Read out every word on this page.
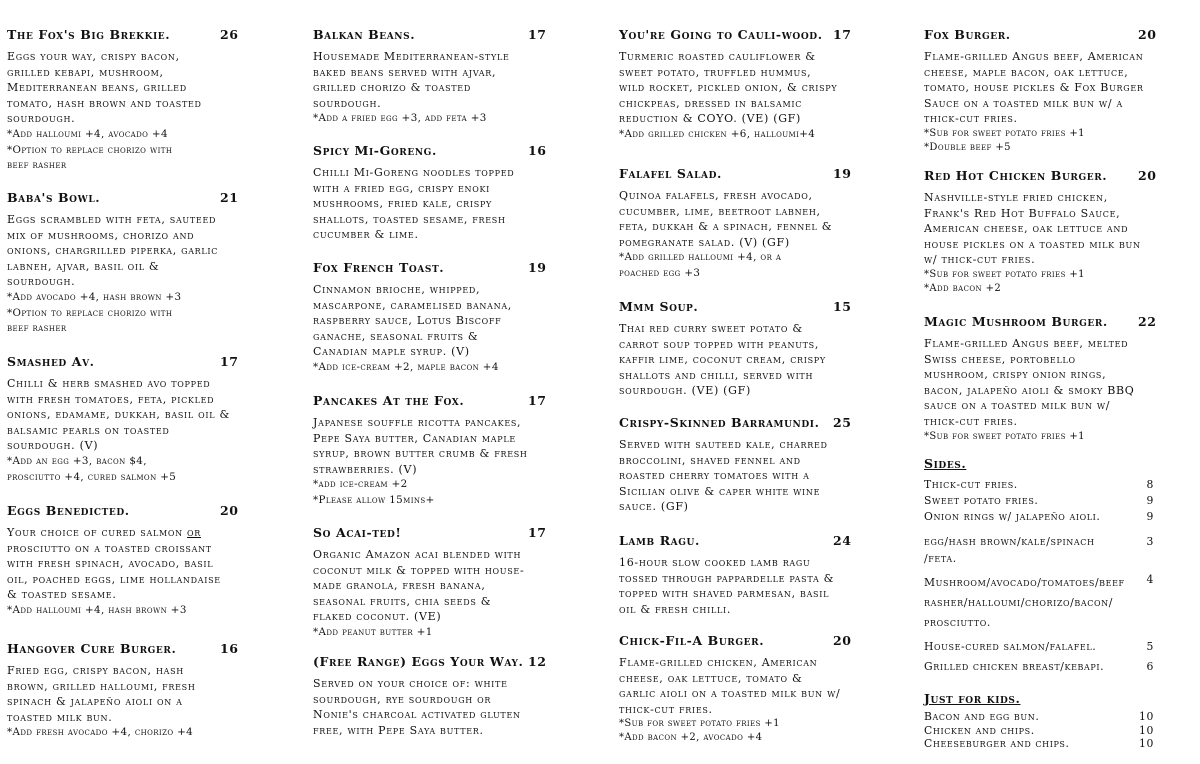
The Fox's Big Brekkie.	26
Eggs your way, crispy bacon,
grilled kebapi, mushroom,
Mediterranean beans, grilled
tomato, hash brown and toasted
sourdough.
*Add halloumi +4, avocado +4
*Option to replace chorizo with
beef rasher
Baba's Bowl.	21
Eggs scrambled with feta, sauteed
mix of mushrooms, chorizo and
onions, chargrilled piperka, garlic
labneh, ajvar, basil oil &
sourdough.
*Add avocado +4, hash brown +3
*Option to replace chorizo with
beef rasher
Smashed Av.	17
Chilli & herb smashed avo topped
with fresh tomatoes, feta, pickled
onions, edamame, dukkah, basil oil &
balsamic pearls on toasted
sourdough. (V)
*Add an egg +3, bacon $4,
prosciutto +4, cured salmon +5
Eggs Benedicted.	20
Your choice of cured salmon or
prosciutto on a toasted croissant
with fresh spinach, avocado, basil
oil, poached eggs, lime hollandaise
& toasted sesame.
*Add halloumi +4, hash brown +3
Hangover Cure Burger.	16
Fried egg, crispy bacon, hash
brown, grilled halloumi, fresh
spinach & jalapeño aioli on a
toasted milk bun.
*Add fresh avocado +4, chorizo +4
Balkan Beans.	17
Housemade Mediterranean-style
baked beans served with ajvar,
grilled chorizo & toasted
sourdough.
*Add a fried egg +3, add feta +3
Spicy Mi-Goreng.	16
Chilli Mi-Goreng noodles topped
with a fried egg, crispy enoki
mushrooms, fried kale, crispy
shallots, toasted sesame, fresh
cucumber & lime.
Fox French Toast.	19
Cinnamon brioche, whipped,
mascarpone, caramelised banana,
raspberry sauce, Lotus Biscoff
ganache, seasonal fruits &
Canadian maple syrup. (V)
*Add ice-cream +2, maple bacon +4
Pancakes At the Fox.	17
Japanese souffle ricotta pancakes,
Pepe Saya butter, Canadian maple
syrup, brown butter crumb & fresh
strawberries. (V)
*add ice-cream +2
*Please allow 15mins+
So Acai-ted!	17
Organic Amazon acai blended with
coconut milk & topped with house-
made granola, fresh banana,
seasonal fruits, chia seeds &
flaked coconut. (VE)
*Add peanut butter +1
(Free Range) Eggs Your Way. 12
Served on your choice of: white
sourdough, rye sourdough or
Nonie's charcoal activated gluten
free, with Pepe Saya butter.
You're Going to Cauli-wood. 17
Turmeric roasted cauliflower &
sweet potato, truffled hummus,
wild rocket, pickled onion, & crispy
chickpeas, dressed in balsamic
reduction & COYO. (VE) (GF)
*Add grilled chicken +6, halloumi+4
Falafel Salad.	19
Quinoa falafels, fresh avocado,
cucumber, lime, beetroot labneh,
feta, dukkah & a spinach, fennel &
pomegranate salad. (V) (GF)
*Add grilled halloumi +4, or a
poached egg +3
Mmm Soup.	15
Thai red curry sweet potato &
carrot soup topped with peanuts,
kaffir lime, coconut cream, crispy
shallots and chilli, served with
sourdough. (VE) (GF)
Crispy-Skinned Barramundi. 25
Served with sauteed kale, charred
broccolini, shaved fennel and
roasted cherry tomatoes with a
Sicilian olive & caper white wine
sauce. (GF)
Lamb Ragu.	24
16-hour slow cooked lamb ragu
tossed through pappardelle pasta &
topped with shaved parmesan, basil
oil & fresh chilli.
Chick-Fil-A Burger.	20
Flame-grilled chicken, American
cheese, oak lettuce, tomato &
garlic aioli on a toasted milk bun w/
thick-cut fries.
*Sub for sweet potato fries +1
*Add bacon +2, avocado +4
Fox Burger.	20
Flame-grilled Angus beef, American
cheese, maple bacon, oak lettuce,
tomato, house pickles & Fox Burger
Sauce on a toasted milk bun w/ a
thick-cut fries.
*Sub for sweet potato fries +1
*Double beef +5
Red Hot Chicken Burger. 20
Nashville-style fried chicken,
Frank's Red Hot Buffalo Sauce,
American cheese, oak lettuce and
house pickles on a toasted milk bun
w/ thick-cut fries.
*Sub for sweet potato fries +1
*Add bacon +2
Magic Mushroom Burger. 22
Flame-grilled Angus beef, melted
Swiss cheese, portobello
mushroom, crispy onion rings,
bacon, jalapeño aioli & smoky BBQ
sauce on a toasted milk bun w/
thick-cut fries.
*Sub for sweet potato fries +1
Sides.
Thick-cut fries.	8
Sweet potato fries.	9
Onion rings w/ jalapeño aioli.	9
egg/hash brown/kale/spinach
/feta.
3
Mushroom/avocado/tomatoes/beef
rasher/halloumi/chorizo/bacon/
prosciutto.
4
House-cured salmon/falafel.	5
Grilled chicken breast/kebapi.	6
Just for kids.
Bacon and egg bun.	10
Chicken and chips.	10
Cheeseburger and chips.	10
